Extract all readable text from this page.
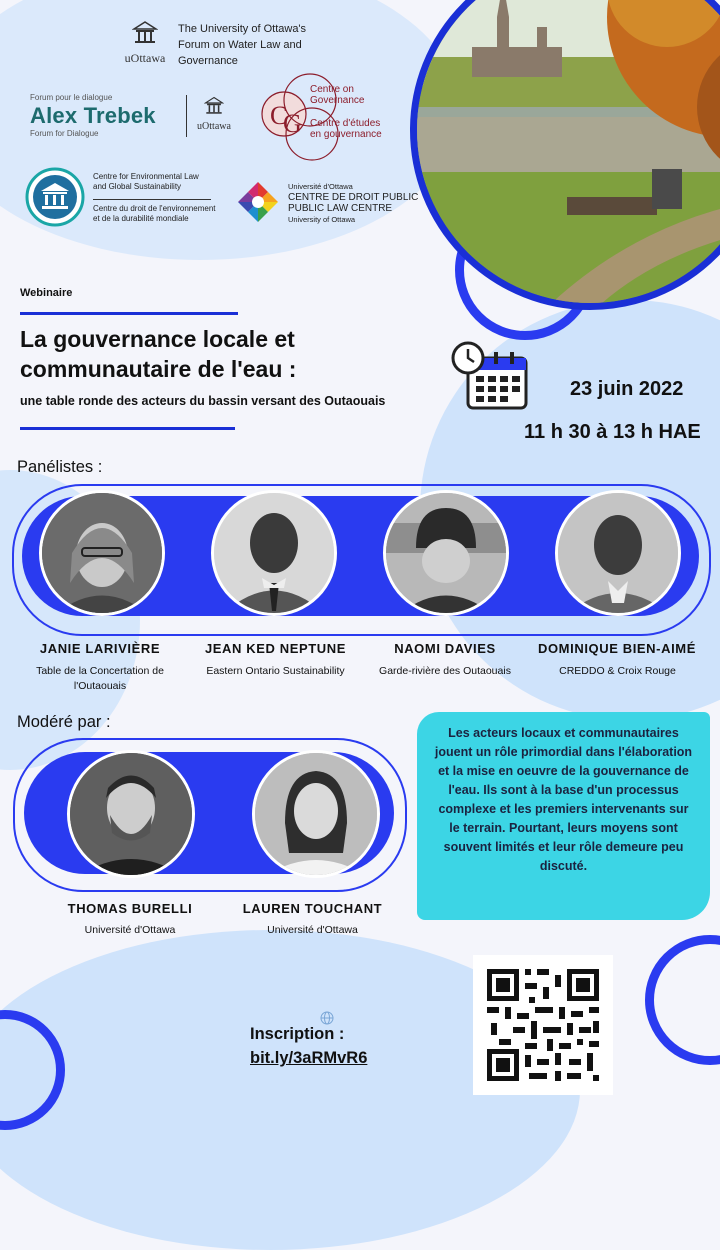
uOttawa
The University of Ottawa's Forum on Water Law and Governance
Forum pour le dialogue
Alex Trebek
Forum for Dialogue
uOttawa C
G
Centre on Governance
Centre d'études en gouvernance
Centre for Environmental Law and Global Sustainability
Centre du droit de l'environnement et de la durabilité mondiale
Université d'Ottawa
CENTRE DE DROIT PUBLIC
PUBLIC LAW CENTRE
University of Ottawa
Webinaire
La gouvernance locale et
communautaire de l'eau :
une table ronde des acteurs du bassin versant des Outaouais
23 juin 2022
11 h 30 à 13 h HAE
Panélistes :
JANIE LARIVIÈRE
Table de la Concertation de l'Outaouais
JEAN KED NEPTUNE
Eastern Ontario Sustainability
NAOMI DAVIES
Garde-rivière des Outaouais
DOMINIQUE BIEN-AIMÉ
CREDDO & Croix Rouge
Modéré par :
THOMAS BURELLI
Université d'Ottawa
LAUREN TOUCHANT
Université d'Ottawa
Les acteurs locaux et communautaires jouent un rôle primordial dans l'élaboration et la mise en oeuvre de la gouvernance de l'eau. Ils sont à la base d'un processus complexe et les premiers intervenants sur le terrain. Pourtant, leurs moyens sont souvent limités et leur rôle demeure peu discuté.
Inscription :
bit.ly/3aRMvR6
